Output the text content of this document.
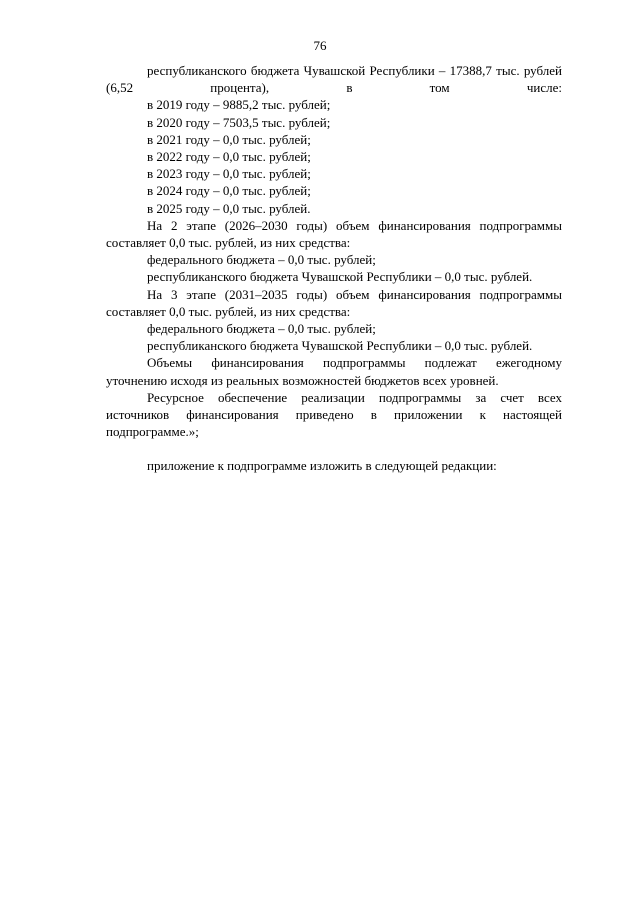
76

республиканского бюджета Чувашской Республики – 17388,7 тыс. рублей (6,52 процента), в том числе:

в 2019 году – 9885,2 тыс. рублей;

в 2020 году – 7503,5 тыс. рублей;

в 2021 году – 0,0 тыс. рублей;

в 2022 году – 0,0 тыс. рублей;

в 2023 году – 0,0 тыс. рублей;

в 2024 году – 0,0 тыс. рублей;

в 2025 году – 0,0 тыс. рублей.

На 2 этапе (2026–2030 годы) объем финансирования подпрограммы составляет 0,0 тыс. рублей, из них средства:

федерального бюджета – 0,0 тыс. рублей;

республиканского бюджета Чувашской Республики – 0,0 тыс. рублей.

На 3 этапе (2031–2035 годы) объем финансирования подпрограммы составляет 0,0 тыс. рублей, из них средства:

федерального бюджета – 0,0 тыс. рублей;

республиканского бюджета Чувашской Республики – 0,0 тыс. рублей.

Объемы финансирования подпрограммы подлежат ежегодному уточнению исходя из реальных возможностей бюджетов всех уровней.

Ресурсное обеспечение реализации подпрограммы за счет всех источников финансирования приведено в приложении к настоящей подпрограмме.»;

приложение к подпрограмме изложить в следующей редакции:
